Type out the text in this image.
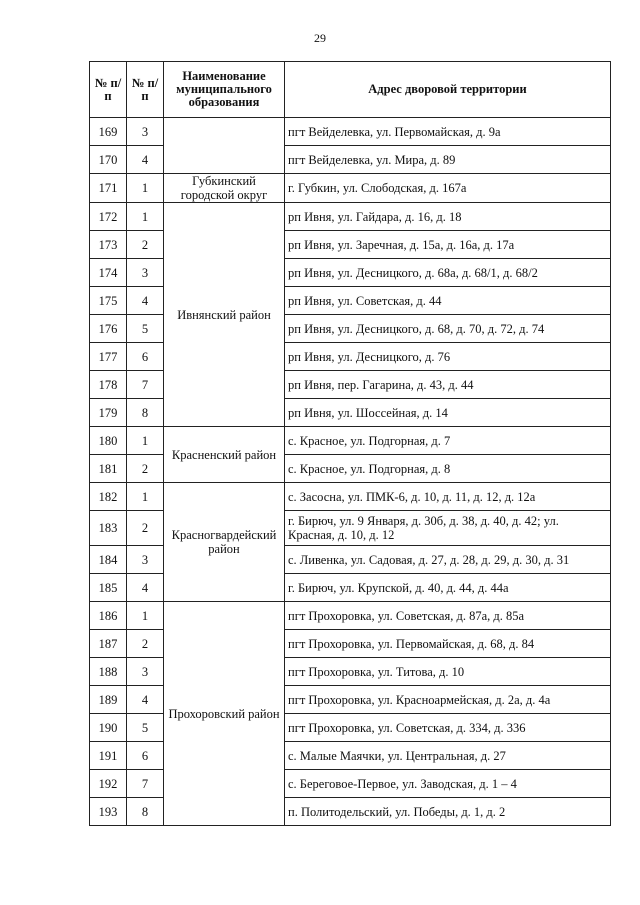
29
№ п/п	№ п/п	Наименование муниципального образования	Адрес дворовой территории
169	3		пгт Вейделевка, ул. Первомайская, д. 9а
170	4		пгт Вейделевка, ул. Мира, д. 89
171	1	Губкинский городской округ	г. Губкин, ул. Слободская, д. 167а
172	1	Ивнянский район	рп Ивня, ул. Гайдара, д. 16, д. 18
173	2		рп Ивня, ул. Заречная, д. 15а, д. 16а, д. 17а
174	3		рп Ивня, ул. Десницкого, д. 68а, д. 68/1, д. 68/2
175	4		рп Ивня, ул. Советская, д. 44
176	5		рп Ивня, ул. Десницкого, д. 68, д. 70, д. 72, д. 74
177	6		рп Ивня, ул. Десницкого, д. 76
178	7		рп Ивня, пер. Гагарина, д. 43, д. 44
179	8		рп Ивня, ул. Шоссейная, д. 14
180	1	Красненский район	с. Красное, ул. Подгорная, д. 7
181	2		с. Красное, ул. Подгорная, д. 8
182	1	Красногвардейский район	с. Засосна, ул. ПМК-6, д. 10, д. 11, д. 12, д. 12а
183	2		г. Бирюч, ул. 9 Января, д. 30б, д. 38, д. 40, д. 42; ул. Красная, д. 10, д. 12
184	3		с. Ливенка, ул. Садовая, д. 27, д. 28, д. 29, д. 30, д. 31
185	4		г. Бирюч, ул. Крупской, д. 40, д. 44, д. 44а
186	1	Прохоровский район	пгт Прохоровка, ул. Советская, д. 87а, д. 85а
187	2		пгт Прохоровка, ул. Первомайская, д. 68, д. 84
188	3		пгт Прохоровка, ул. Титова, д. 10
189	4		пгт Прохоровка, ул. Красноармейская, д. 2а, д. 4а
190	5		пгт Прохоровка, ул. Советская, д. 334, д. 336
191	6		с. Малые Маячки, ул. Центральная, д. 27
192	7		с. Береговое-Первое, ул. Заводская, д. 1 – 4
193	8		п. Политодельский, ул. Победы, д. 1, д. 2
